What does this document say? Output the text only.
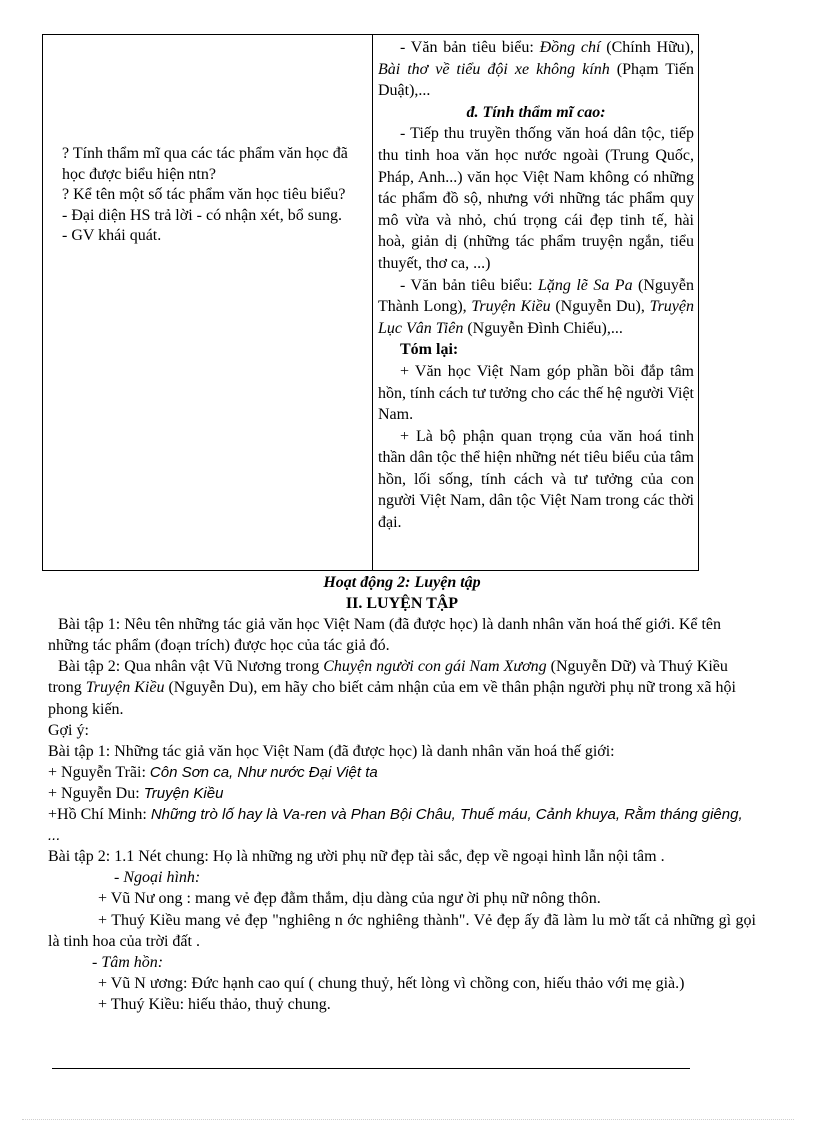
? Tính thẩm mĩ qua các tác phẩm văn học đã học được biểu hiện ntn?
? Kể tên một số tác phẩm văn học tiêu biểu?
- Đại diện HS trả lời - có nhận xét, bổ sung.
- GV khái quát.

- Văn bản tiêu biểu: Đồng chí (Chính Hữu), Bài thơ về tiểu đội xe không kính (Phạm Tiến Duật),...

đ. Tính thẩm mĩ cao:

- Tiếp thu truyền thống văn hoá dân tộc, tiếp thu tinh hoa văn học nước ngoài (Trung Quốc, Pháp, Anh...) văn học Việt Nam không có những tác phẩm đồ sộ, nhưng với những tác phẩm quy mô vừa và nhỏ, chú trọng cái đẹp tinh tế, hài hoà, giản dị (những tác phẩm truyện ngắn, tiểu thuyết, thơ ca, ...)

- Văn bản tiêu biểu: Lặng lẽ Sa Pa (Nguyễn Thành Long), Truyện Kiều (Nguyễn Du), Truyện Lục Vân Tiên (Nguyễn Đình Chiểu),...

Tóm lại:

+ Văn học Việt Nam góp phần bồi đắp tâm hồn, tính cách tư tưởng cho các thế hệ người Việt Nam.

+ Là bộ phận quan trọng của văn hoá tinh thần dân tộc thể hiện những nét tiêu biểu của tâm hồn, lối sống, tính cách và tư tưởng của con người Việt Nam, dân tộc Việt Nam trong các thời đại.

Hoạt động 2: Luyện tập

II. LUYỆN TẬP

Bài tập 1: Nêu tên những tác giả văn học Việt Nam (đã được học) là danh nhân văn hoá thế giới. Kể tên những tác phẩm (đoạn trích) được học của tác giả đó.

Bài tập 2: Qua nhân vật Vũ Nương trong Chuyện người con gái Nam Xương (Nguyễn Dữ) và Thuý Kiều trong Truyện Kiều (Nguyễn Du), em hãy cho biết cảm nhận của em về thân phận người phụ nữ trong xã hội phong kiến.

Gợi ý:

Bài tập 1: Những tác giả văn học Việt Nam (đã được học) là danh nhân văn hoá thế giới:

+ Nguyễn Trãi: Côn Sơn ca, Như nước Đại Việt ta

+ Nguyễn Du: Truyện Kiều

+Hồ Chí Minh: Những trò lố hay là Va-ren và Phan Bội Châu, Thuế máu, Cảnh khuya, Rằm tháng giêng, ...

Bài tập 2: 1.1 Nét chung: Họ là những ng ười phụ nữ đẹp tài sắc, đẹp về ngoại hình lẫn nội tâm .

- Ngoại hình:

+ Vũ Nư ong : mang vẻ đẹp đằm thắm, dịu dàng của ngư ời phụ nữ nông thôn.

+ Thuý Kiều mang vẻ đẹp "nghiêng n ớc nghiêng thành". Vẻ đẹp ấy đã làm lu mờ tất cả những gì gọi là tinh hoa của trời đất .

- Tâm hồn:

+ Vũ N ương: Đức hạnh cao quí ( chung thuỷ, hết lòng vì chồng con, hiếu thảo với mẹ già.)

+ Thuý Kiều: hiếu thảo, thuỷ chung.
